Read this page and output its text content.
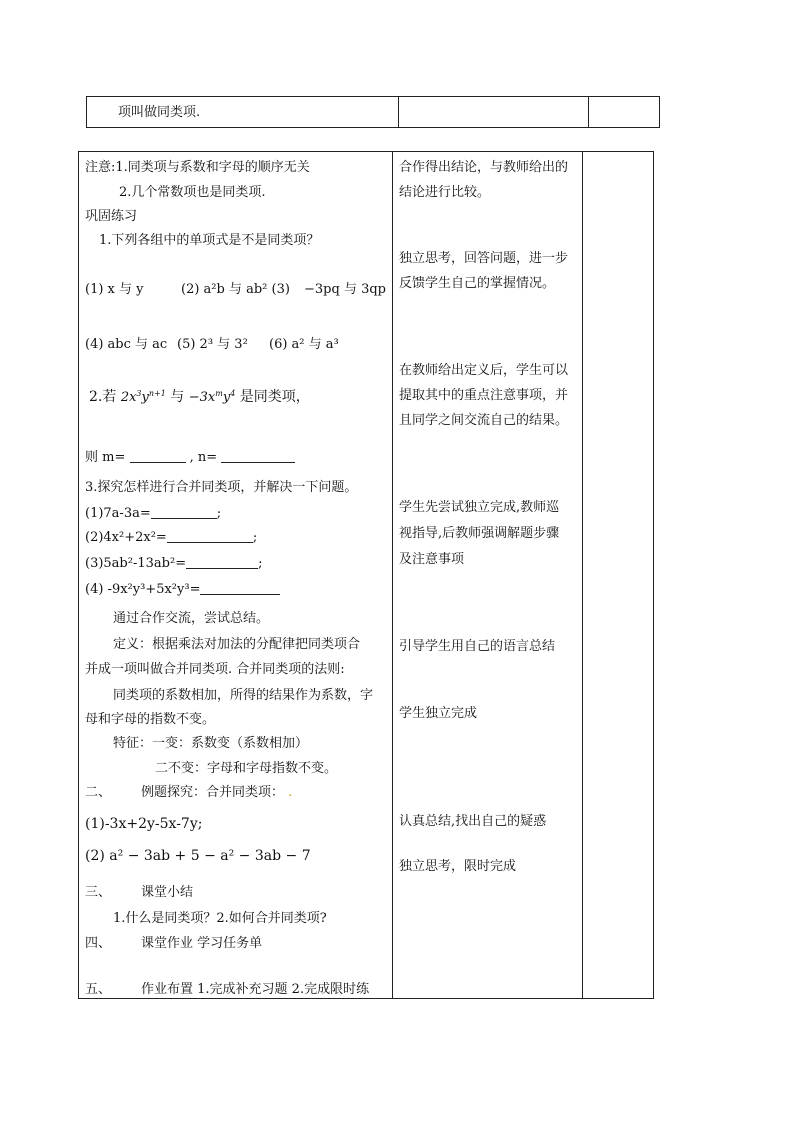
项叫做同类项.

注意:1.同类项与系数和字母的顺序无关
2.几个常数项也是同类项.
巩固练习
1.下列各组中的单项式是不是同类项？
(1) x 与 y	(2) a²b 与 ab² (3) −3pq 与 3qp
(4) abc 与 ac (5) 2³ 与 3² (6) a² 与 a³
2.若 $2x^3y^{n+1}$ 与 $-3x^my^4$ 是同类项，
则 m=	, n=
3.探究怎样进行合并同类项，并解决一下问题。
(1)7a-3a=	;
(2)4x²+2x²=	;
(3)5ab²-13ab²=	;
(4) -9x²y³+5x²y³=
通过合作交流，尝试总结。
定义：根据乘法对加法的分配律把同类项合
并成一项叫做合并同类项. 合并同类项的法则:
同类项的系数相加，所得的结果作为系数，字
母和字母的指数不变。
特征：一变：系数变（系数相加）
二不变：字母和字母指数不变。
二、 例题探究：合并同类项： .
(1)-3x+2y-5x-7y;
(2) a² − 3ab + 5 − a² − 3ab − 7
三、 课堂小结
1.什么是同类项？2.如何合并同类项?
四、 课堂作业 学习任务单
五、 作业布置 1.完成补充习题 2.完成限时练

合作得出结论，与教师给出的
结论进行比较。
独立思考，回答问题，进一步
反馈学生自己的掌握情况。
在教师给出定义后，学生可以
提取其中的重点注意事项，并
且同学之间交流自己的结果。
学生先尝试独立完成,教师巡
视指导,后教师强调解题步骤
及注意事项
引导学生用自己的语言总结
学生独立完成
认真总结,找出自己的疑惑
独立思考，限时完成
